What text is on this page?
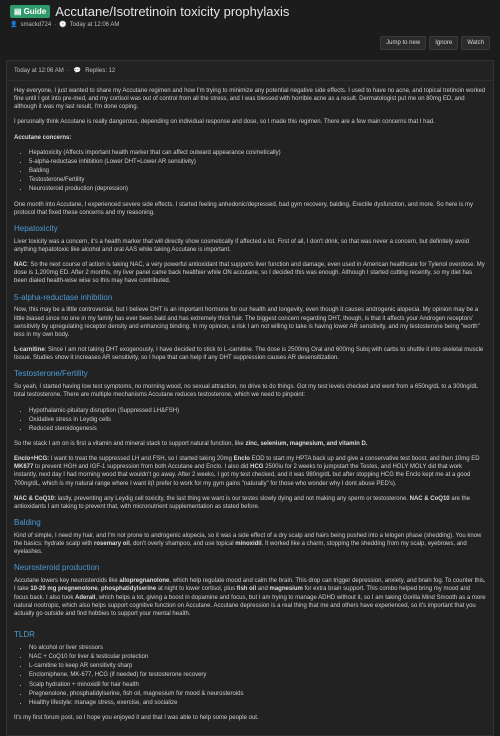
▤ Guide Accutane/Isotretinoin toxicity prophylaxis
👤 smackd724 · 🕒 Today at 12:06 AM
Jump to new	Ignore	Watch
Today at 12:06 AM · 💬 Replies: 12

Hey everyone, I just wanted to share my Accutane regimen and how I'm trying to minimize any potential negative side effects. I used to have no acne, and topical tretinoin worked fine until I got into pre-med, and my cortisol was out of control from all the stress, and I was blessed with horrible acne as a result. Dermatologist put me on 80mg ED, and although it was my last result, I'm done coping.

I personally think Accutane is really dangerous, depending on individual response and dose, so I made this regimen. There are a few main concerns that I had.

Accutane concerns:

• Hepatoxicity (Affects important health marker that can affect outward appearance cosmetically)
• 5-alpha-reductase inhibition (Lower DHT=Lower AR sensitivity)
• Balding
• Testosterone/Fertility
• Neurosteroid production (depression)

One month into Accutane, I experienced severe side effects. I started feeling anhedonic/depressed, bad gym recovery, balding, Erectile dysfunction, and more. So here is my protocol that fixed these concerns and my reasoning.

Hepatoxicity

Liver toxicity was a concern, it's a health marker that will directly show cosmetically if affected a lot. First of all, I don't drink, so that was never a concern, but definitely avoid anything hepatotoxic like alcohol and oral AAS while taking Accutane is important.

NAC: So the next course of action is taking NAC, a very powerful antioxidant that supports liver function and damage, even used in American healthcare for Tylenol overdose. My dose is 1,200mg ED. After 2 months, my liver panel came back healthier while ON accutane, so I decided this was enough. Although I started cutting recently, so my diet has been dialed health-wise wise so this may have contributed.

5-alpha-reductase inhibition

Now, this may be a little controversial, but I believe DHT is an important hormone for our health and longevity, even though it causes androgenic alopecia. My opinion may be a little biased since no one in my family has ever been bald and has extremely thick hair. The biggest concern regarding DHT, though, is that it affects your Androgen receptors' sensitivity by upregulating receptor density and enhancing binding. In my opinion, a risk I am not willing to take is having lower AR sensitivity, and my testosterone being "worth" less in my own body.

L-carnitine: Since I am not taking DHT exogenously, I have decided to stick to L-carnitine. The dose is 2500mg Oral and 600mg Subq with carbs to shuttle it into skeletal muscle tissue. Studies show it increases AR sensitivity, so I hope that can help if any DHT suppression causes AR desensitization.

Testosterone/Fertility

So yeah, I started having low test symptoms, no morning wood, no sexual attraction, no drive to do things. Got my test levels checked and went from a 650ng/dL to a 300ng/dL total testosterone. There are multiple mechanisms Accutane reduces testosterone, which we need to pinpoint:

• Hypothalamic-pituitary disruption (Suppressed LH&FSH)
• Oxidative stress in Leydig cells
• Reduced steroidogenesis

So the stack I am on is first a vitamin and mineral stack to support natural function, like zinc, selenium, magnesium, and vitamin D.

Enclo+HCG: I want to treat the suppressed LH and FSH, so I started taking 20mg Enclo EOD to start my HPTA back up and give a conservative test boost, and then 10mg ED MK677 to prevent HGH and IGF-1 suppression from both Accutane and Enclo. I also did HCG 2500iu for 2 weeks to jumpstart the Testes, and HOLY MOLY did that work instantly, next day I had morning wood that wouldn't go away. After 2 weeks, I got my test checked, and it was 980ng/dL but after stopping HCG the Enclo kept me at a good 700ng/dL, which is my natural range where I want it(I prefer to work for my gym gains "naturally" for those who wonder why I dont abuse PED's).

NAC & CoQ10: lastly, preventing any Leydig cell toxicity, the last thing we want is our testes slowly dying and not making any sperm or testosterone. NAC & CoQ10 are the antioxidants I am taking to prevent that, with micronutrient supplementation as stated before.

Balding

Kind of simple, I need my hair, and I'm not prone to androgenic alopecia, so it was a side effect of a dry scalp and hairs being pushed into a telogen phase (shedding). You know the basics: hydrate scalp with rosemary oil, don't overly shampoo, and use topical minoxidil. It worked like a charm, stopping the shedding from my scalp, eyebrows, and eyelashes.

Neurosteroid production

Accutane lowers key neurosteroids like allopregnanolone, which help regulate mood and calm the brain. This drop can trigger depression, anxiety, and brain fog. To counter this, I take 10-20 mg pregnenolone, phosphatidylserine at night to lower cortisol, plus fish oil and magnesium for extra brain support. This combo helped bring my mood and focus back. I also took Aderall, which helps a lot, giving a boost in dopamine and focus, but I am trying to manage ADHD without it, so I am taking Gorilla Mind Smooth as a more natural nootropic, which also helps support cognitive function on Accutane. Accutane depression is a real thing that me and others have experienced, so it's important that you actually go outside and find hobbies to support your mental health.

TLDR
• No alcohol or liver stressors
• NAC + CoQ10 for liver & testicular protection
• L-carnitine to keep AR sensitivity sharp
• Enclomiphene, MK-677, HCG (if needed) for testosterone recovery
• Scalp hydration + minoxidil for hair health
• Pregnenolone, phosphatidylserine, fish oil, magnesium for mood & neurosteroids
• Healthy lifestyle: manage stress, exercise, and socialize

It's my first forum post, so I hope you enjoyed it and that I was able to help some people out.
